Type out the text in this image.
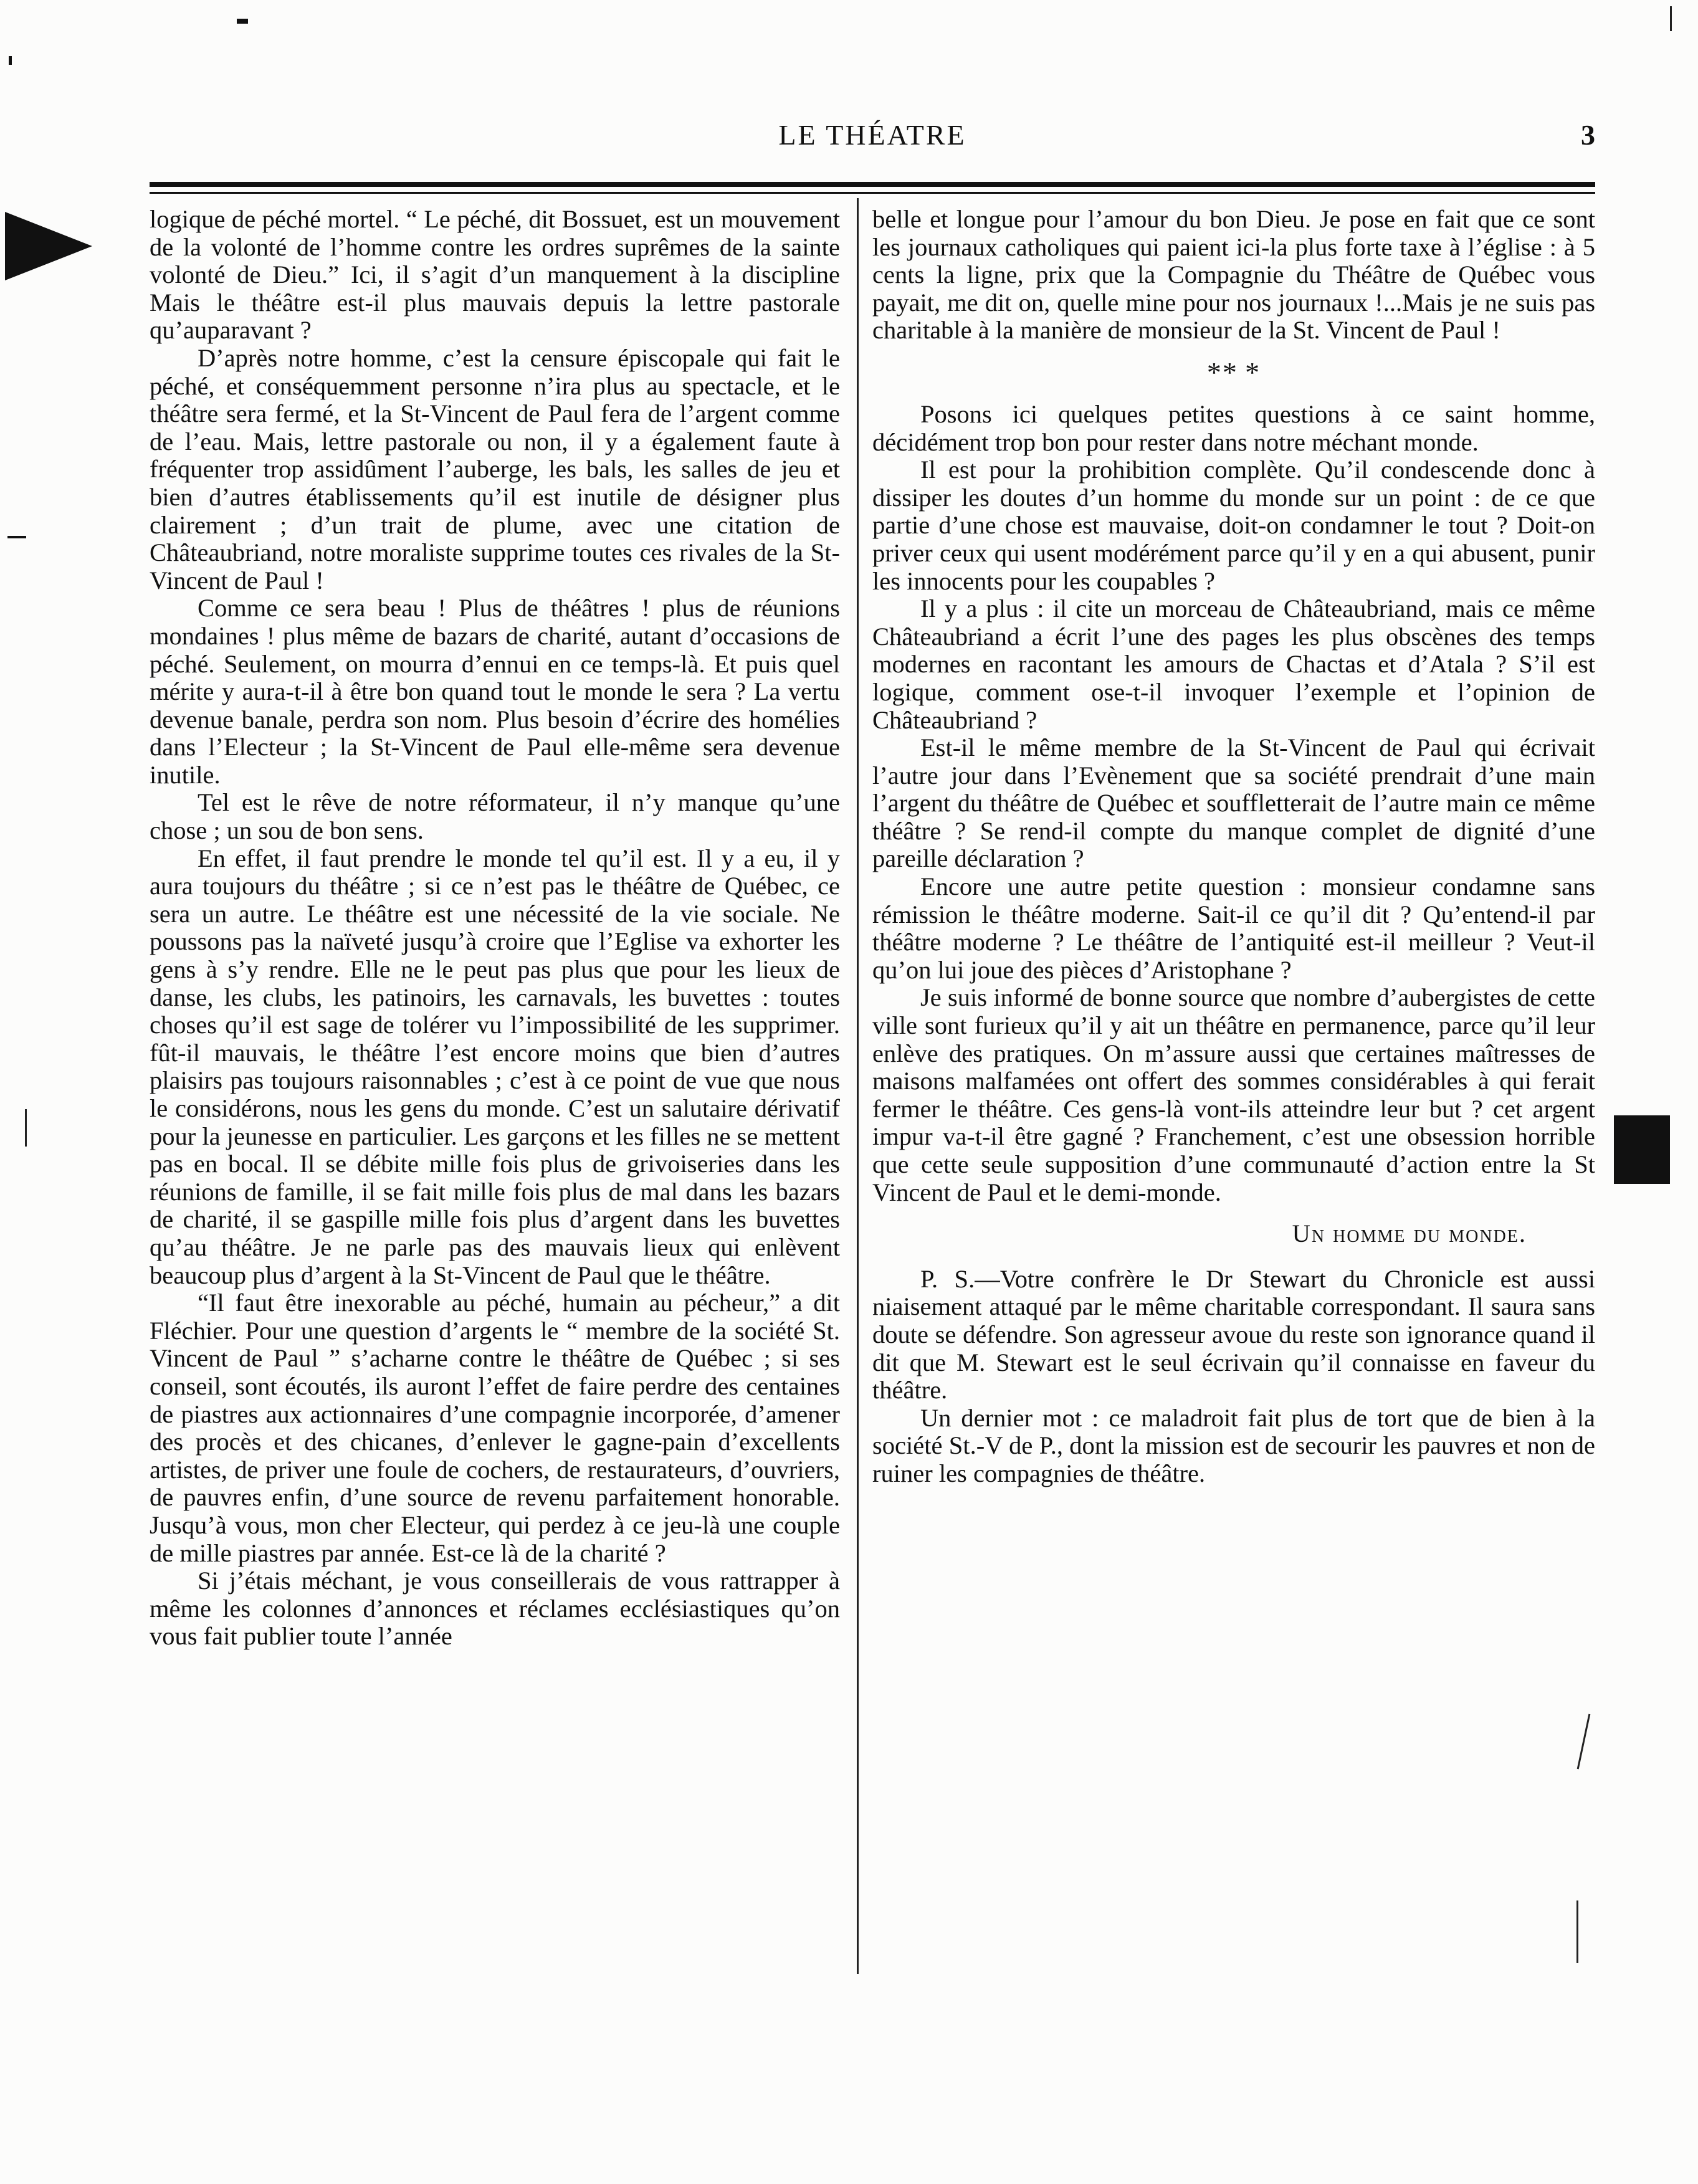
LE THÉATRE	3

logique de péché mortel. “ Le péché, dit Bossuet, est un mouvement de la volonté de l’homme contre les ordres suprêmes de la sainte volonté de Dieu.” Ici, il s’agit d’un manquement à la discipline Mais le théâtre est-il plus mauvais depuis la lettre pastorale qu’auparavant ?

D’après notre homme, c’est la censure épiscopale qui fait le péché, et conséquemment personne n’ira plus au spectacle, et le théâtre sera fermé, et la St-Vincent de Paul fera de l’argent comme de l’eau. Mais, lettre pastorale ou non, il y a également faute à fréquenter trop assidûment l’auberge, les bals, les salles de jeu et bien d’autres établissements qu’il est inutile de désigner plus clairement ; d’un trait de plume, avec une citation de Châteaubriand, notre moraliste supprime toutes ces rivales de la St-Vincent de Paul !

Comme ce sera beau ! Plus de théâtres ! plus de réunions mondaines ! plus même de bazars de charité, autant d’occasions de péché. Seulement, on mourra d’ennui en ce temps-là. Et puis quel mérite y aura-t-il à être bon quand tout le monde le sera ? La vertu devenue banale, perdra son nom. Plus besoin d’écrire des homélies dans l’Electeur ; la St-Vincent de Paul elle-même sera devenue inutile.

Tel est le rêve de notre réformateur, il n’y manque qu’une chose ; un sou de bon sens.

En effet, il faut prendre le monde tel qu’il est. Il y a eu, il y aura toujours du théâtre ; si ce n’est pas le théâtre de Québec, ce sera un autre. Le théâtre est une nécessité de la vie sociale. Ne poussons pas la naïveté jusqu’à croire que l’Eglise va exhorter les gens à s’y rendre. Elle ne le peut pas plus que pour les lieux de danse, les clubs, les patinoirs, les carnavals, les buvettes : toutes choses qu’il est sage de tolérer vu l’impossibilité de les supprimer. fût-il mauvais, le théâtre l’est encore moins que bien d’autres plaisirs pas toujours raisonnables ; c’est à ce point de vue que nous le considérons, nous les gens du monde. C’est un salutaire dérivatif pour la jeunesse en particulier. Les garçons et les filles ne se mettent pas en bocal. Il se débite mille fois plus de grivoiseries dans les réunions de famille, il se fait mille fois plus de mal dans les bazars de charité, il se gaspille mille fois plus d’argent dans les buvettes qu’au théâtre. Je ne parle pas des mauvais lieux qui enlèvent beaucoup plus d’argent à la St-Vincent de Paul que le théâtre.

“Il faut être inexorable au péché, humain au pécheur,” a dit Fléchier. Pour une question d’argents le “ membre de la société St. Vincent de Paul ” s’acharne contre le théâtre de Québec ; si ses conseil, sont écoutés, ils auront l’effet de faire perdre des centaines de piastres aux actionnaires d’une compagnie incorporée, d’amener des procès et des chicanes, d’enlever le gagne-pain d’excellents artistes, de priver une foule de cochers, de restaurateurs, d’ouvriers, de pauvres enfin, d’une source de revenu parfaitement honorable. Jusqu’à vous, mon cher Electeur, qui perdez à ce jeu-là une couple de mille piastres par année. Est-ce là de la charité ?

Si j’étais méchant, je vous conseillerais de vous rattrapper à même les colonnes d’annonces et réclames ecclésiastiques qu’on vous fait publier toute l’année

belle et longue pour l’amour du bon Dieu. Je pose en fait que ce sont les journaux catholiques qui paient ici-la plus forte taxe à l’église : à 5 cents la ligne, prix que la Compagnie du Théâtre de Québec vous payait, me dit on, quelle mine pour nos journaux !...Mais je ne suis pas charitable à la manière de monsieur de la St. Vincent de Paul !

** *

Posons ici quelques petites questions à ce saint homme, décidément trop bon pour rester dans notre méchant monde.

Il est pour la prohibition complète. Qu’il condescende donc à dissiper les doutes d’un homme du monde sur un point : de ce que partie d’une chose est mauvaise, doit-on condamner le tout ? Doit-on priver ceux qui usent modérément parce qu’il y en a qui abusent, punir les innocents pour les coupables ?

Il y a plus : il cite un morceau de Châteaubriand, mais ce même Châteaubriand a écrit l’une des pages les plus obscènes des temps modernes en racontant les amours de Chactas et d’Atala ? S’il est logique, comment ose-t-il invoquer l’exemple et l’opinion de Châteaubriand ?

Est-il le même membre de la St-Vincent de Paul qui écrivait l’autre jour dans l’Evènement que sa société prendrait d’une main l’argent du théâtre de Québec et souffletterait de l’autre main ce même théâtre ? Se rend-il compte du manque complet de dignité d’une pareille déclaration ?

Encore une autre petite question : monsieur condamne sans rémission le théâtre moderne. Sait-il ce qu’il dit ? Qu’entend-il par théâtre moderne ? Le théâtre de l’antiquité est-il meilleur ? Veut-il qu’on lui joue des pièces d’Aristophane ?

Je suis informé de bonne source que nombre d’aubergistes de cette ville sont furieux qu’il y ait un théâtre en permanence, parce qu’il leur enlève des pratiques. On m’assure aussi que certaines maîtresses de maisons malfamées ont offert des sommes considérables à qui ferait fermer le théâtre. Ces gens-là vont-ils atteindre leur but ? cet argent impur va-t-il être gagné ? Franchement, c’est une obsession horrible que cette seule supposition d’une communauté d’action entre la St Vincent de Paul et le demi-monde.

Un homme du monde.

P. S.—Votre confrère le Dr Stewart du Chronicle est aussi niaisement attaqué par le même charitable correspondant. Il saura sans doute se défendre. Son agresseur avoue du reste son ignorance quand il dit que M. Stewart est le seul écrivain qu’il connaisse en faveur du théâtre.

Un dernier mot : ce maladroit fait plus de tort que de bien à la société St.-V de P., dont la mission est de secourir les pauvres et non de ruiner les compagnies de théâtre.
